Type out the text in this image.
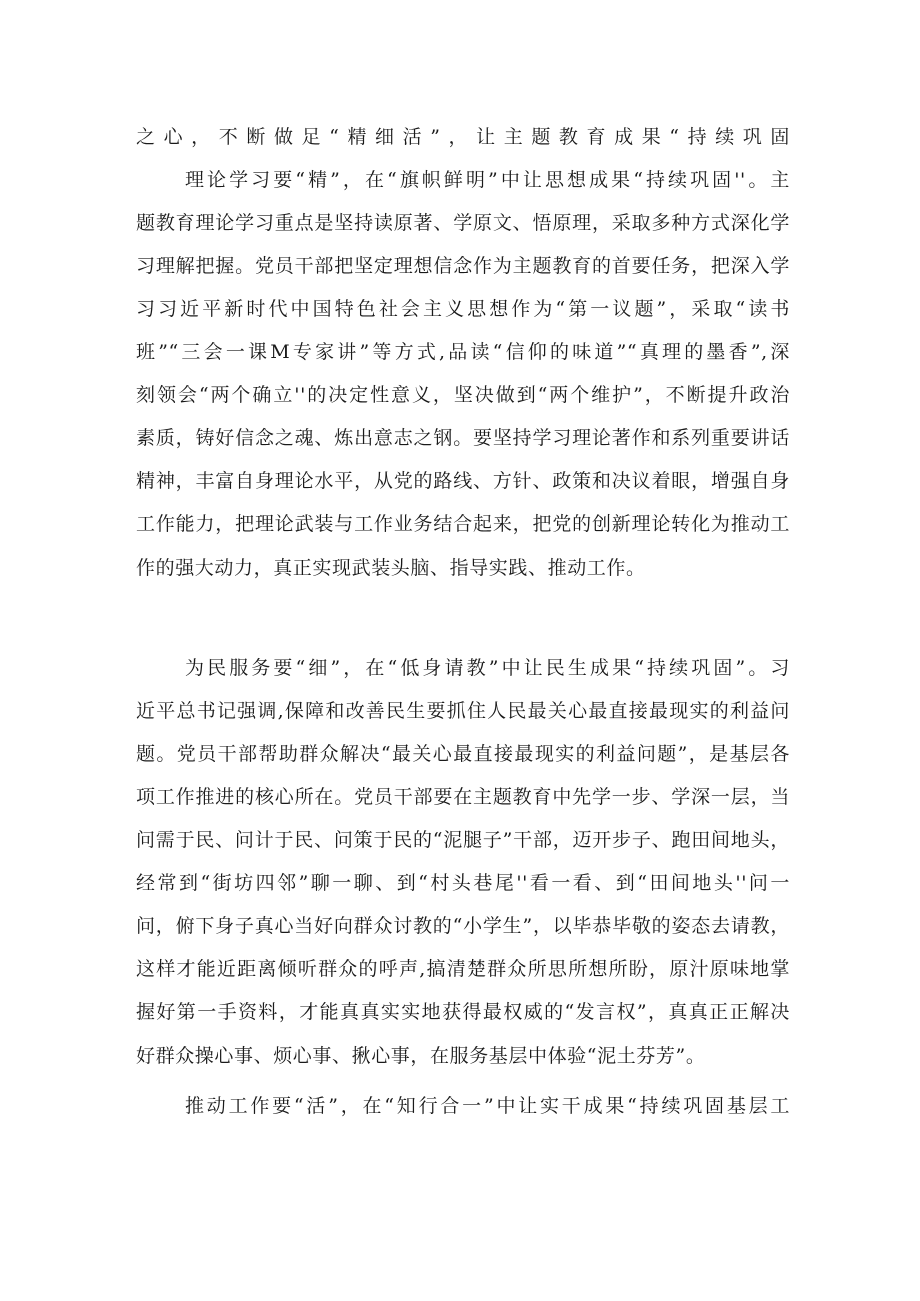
之心，不断做足“精细活”，让主题教育成果“持续巩固
理论学习要“精”，在“旗帜鲜明”中让思想成果“持续巩固''。主
题教育理论学习重点是坚持读原著、学原文、悟原理，采取多种方式深化学
习理解把握。党员干部把坚定理想信念作为主题教育的首要任务，把深入学
习习近平新时代中国特色社会主义思想作为“第一议题”，采取“读书
班”“三会一课M专家讲”等方式,品读“信仰的味道”“真理的墨香”,深
刻领会“两个确立''的决定性意义，坚决做到“两个维护”，不断提升政治
素质，铸好信念之魂、炼出意志之钢。要坚持学习理论著作和系列重要讲话
精神，丰富自身理论水平，从党的路线、方针、政策和决议着眼，增强自身
工作能力，把理论武装与工作业务结合起来，把党的创新理论转化为推动工
作的强大动力，真正实现武装头脑、指导实践、推动工作。
为民服务要“细”，在“低身请教”中让民生成果“持续巩固”。习
近平总书记强调,保障和改善民生要抓住人民最关心最直接最现实的利益问
题。党员干部帮助群众解决“最关心最直接最现实的利益问题”，是基层各
项工作推进的核心所在。党员干部要在主题教育中先学一步、学深一层，当
问需于民、问计于民、问策于民的“泥腿子”干部，迈开步子、跑田间地头，
经常到“街坊四邻”聊一聊、到“村头巷尾''看一看、到“田间地头''问一
问，俯下身子真心当好向群众讨教的“小学生”，以毕恭毕敬的姿态去请教，
这样才能近距离倾听群众的呼声,搞清楚群众所思所想所盼，原汁原味地掌
握好第一手资料，才能真真实实地获得最权威的“发言权”，真真正正解决
好群众操心事、烦心事、揪心事，在服务基层中体验“泥土芬芳”。
推动工作要“活”，在“知行合一”中让实干成果“持续巩固基层工
